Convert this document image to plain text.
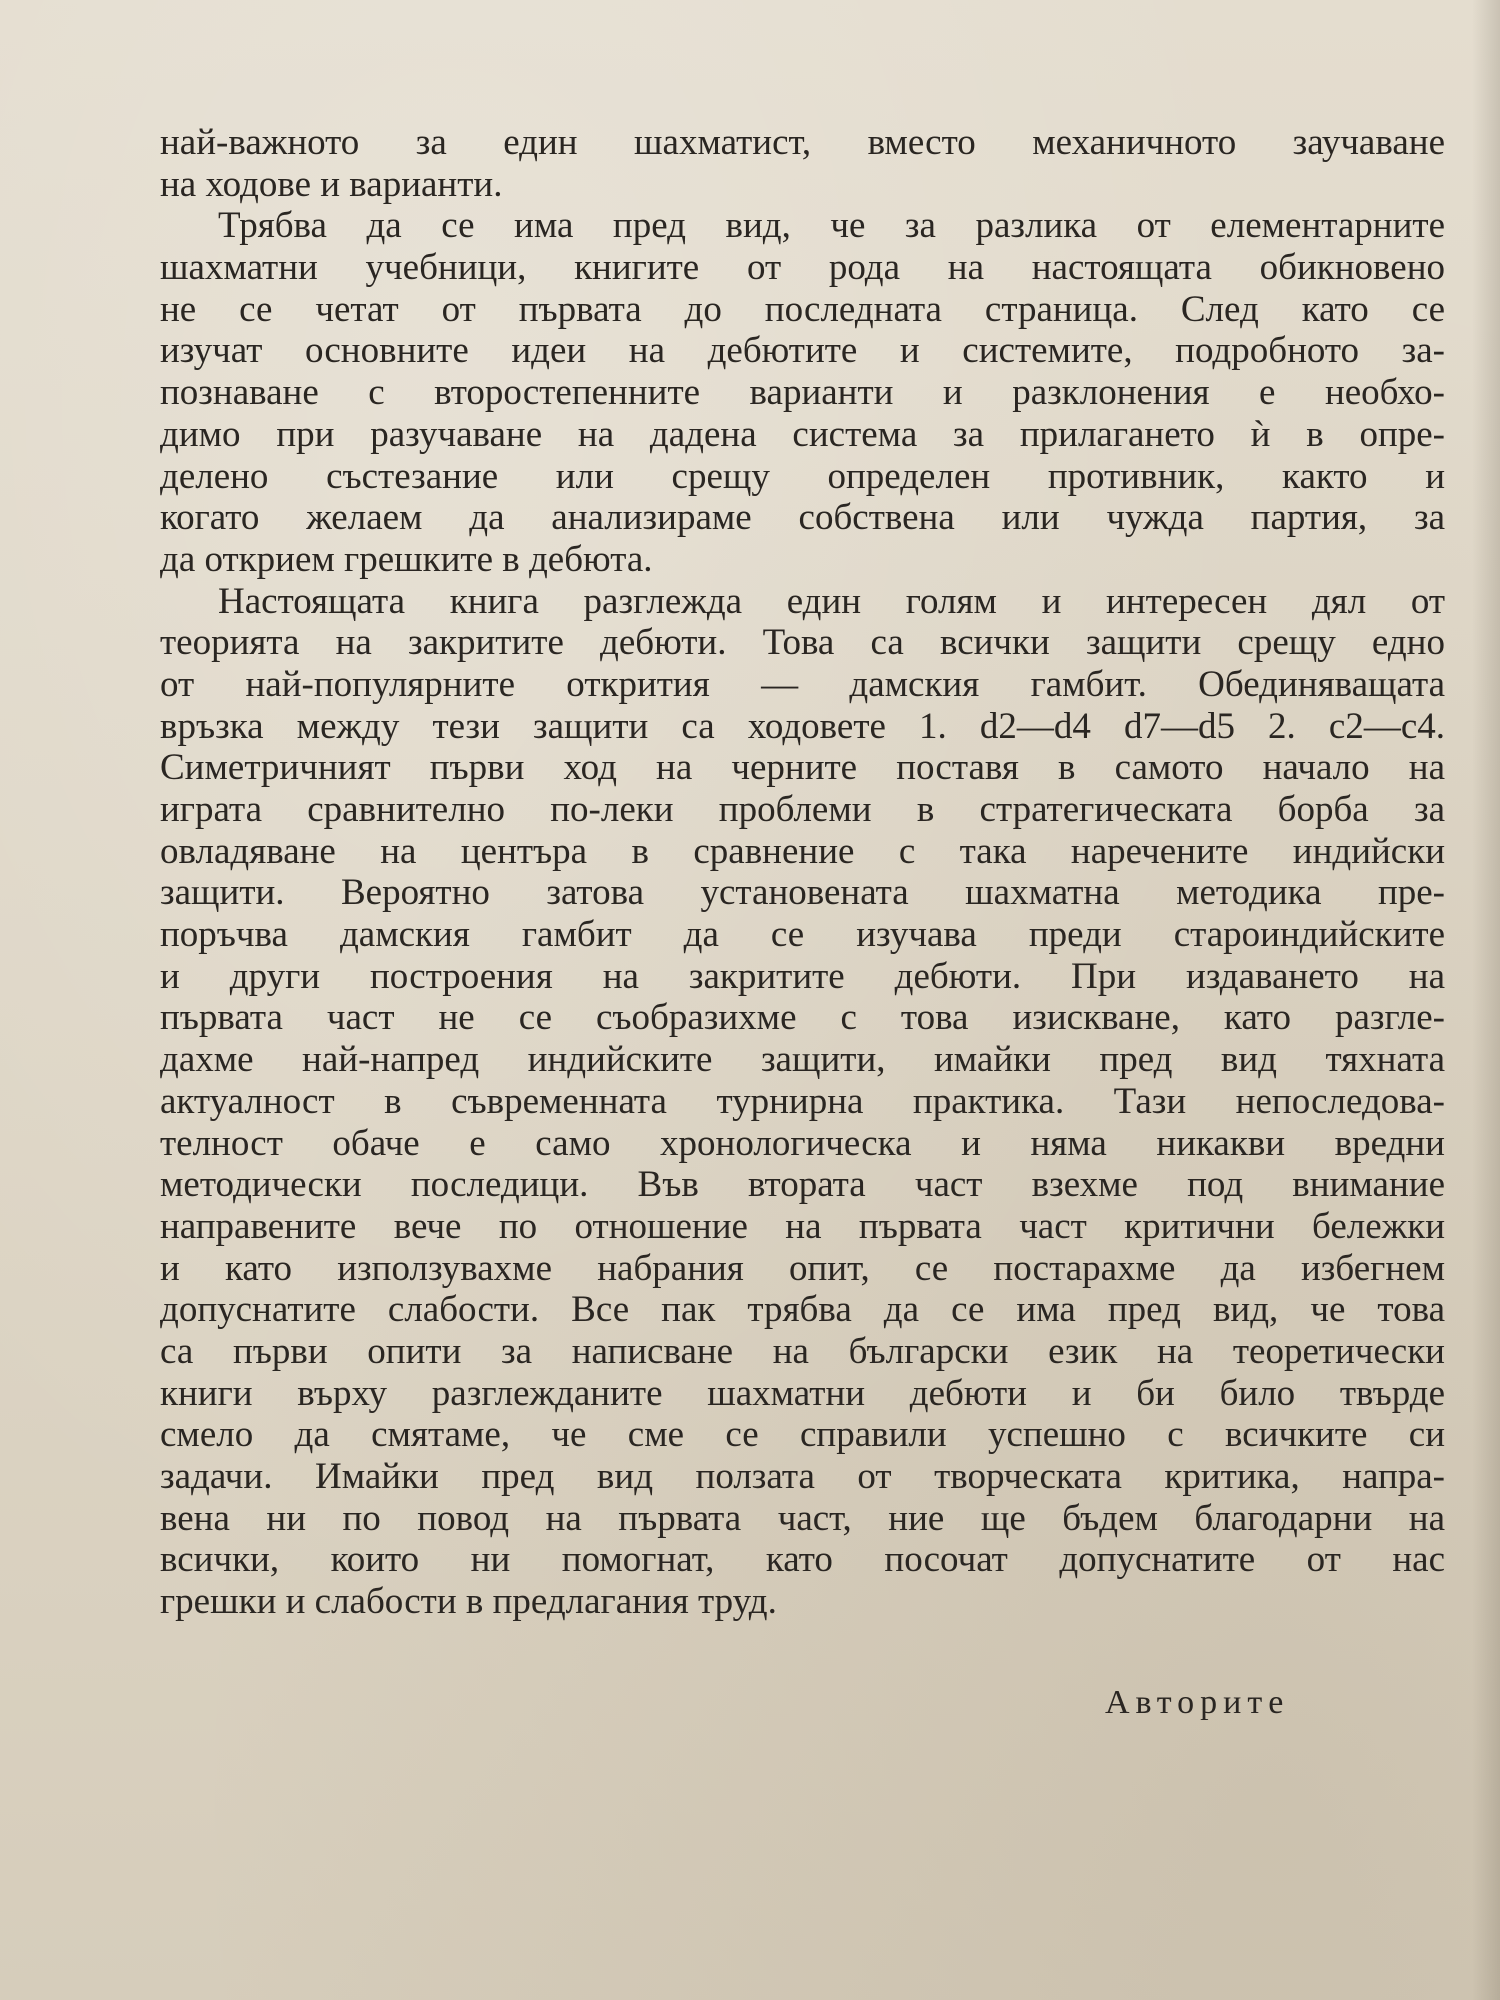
най-важното за един шахматист, вместо механичното заучаване
на ходове и варианти.
Трябва да се има пред вид, че за разлика от елементарните
шахматни учебници, книгите от рода на настоящата обикновено
не се четат от първата до последната страница. След като се
изучат основните идеи на дебютите и системите, подробното за-
познаване с второстепенните варианти и разклонения е необхо-
димо при разучаване на дадена система за прилагането ѝ в опре-
делено състезание или срещу определен противник, както и
когато желаем да анализираме собствена или чужда партия, за
да открием грешките в дебюта.
Настоящата книга разглежда един голям и интересен дял от
теорията на закритите дебюти. Това са всички защити срещу едно
от най-популярните открития — дамския гамбит. Обединяващата
връзка между тези защити са ходовете 1. d2—d4 d7—d5 2. c2—c4.
Симетричният първи ход на черните поставя в самото начало на
играта сравнително по-леки проблеми в стратегическата борба за
овладяване на центъра в сравнение с така наречените индийски
защити. Вероятно затова установената шахматна методика пре-
поръчва дамския гамбит да се изучава преди староиндийските
и други построения на закритите дебюти. При издаването на
първата част не се съобразихме с това изискване, като разгле-
дахме най-напред индийските защити, имайки пред вид тяхната
актуалност в съвременната турнирна практика. Тази непоследова-
телност обаче е само хронологическа и няма никакви вредни
методически последици. Във втората част взехме под внимание
направените вече по отношение на първата част критични бележки
и като използувахме набрания опит, се постарахме да избегнем
допуснатите слабости. Все пак трябва да се има пред вид, че това
са първи опити за написване на български език на теоретически
книги върху разглежданите шахматни дебюти и би било твърде
смело да смятаме, че сме се справили успешно с всичките си
задачи. Имайки пред вид ползата от творческата критика, напра-
вена ни по повод на първата част, ние ще бъдем благодарни на
всички, които ни помогнат, като посочат допуснатите от нас
грешки и слабости в предлагания труд.
Авторите
